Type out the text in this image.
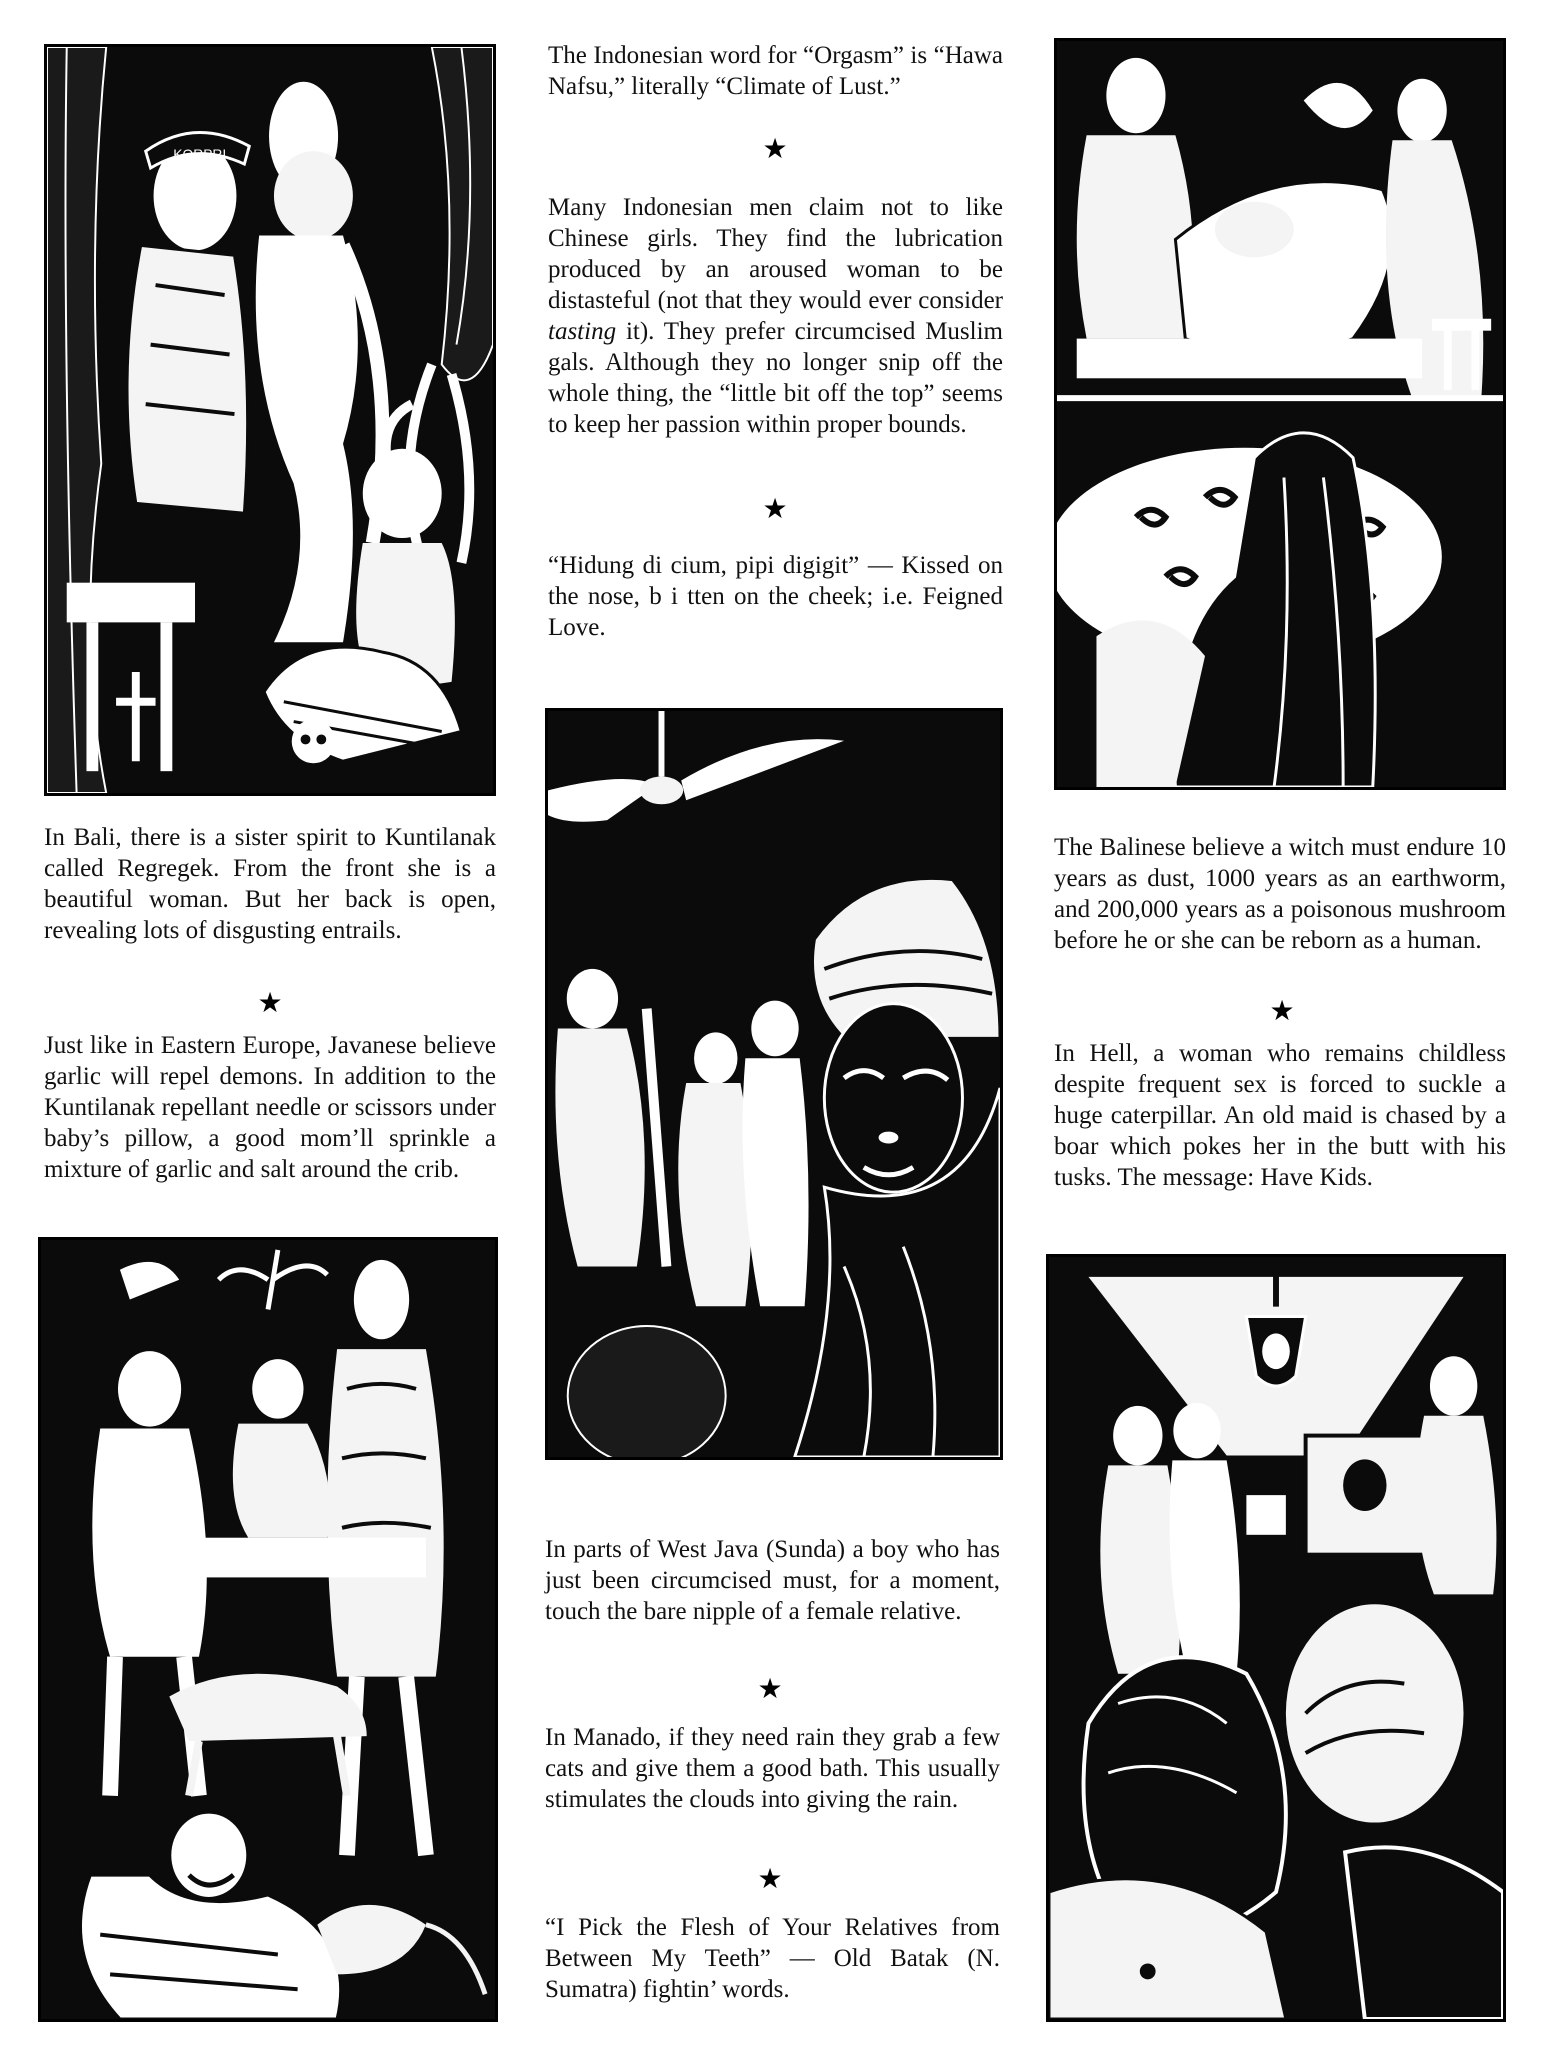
KORPRI

The Indonesian word for “Orgasm” is “Hawa Nafsu,” literally “Climate of Lust.”

★

Many Indonesian men claim not to like Chinese girls. They find the lubrication produced by an aroused woman to be distasteful (not that they would ever consider tasting it). They prefer circumcised Muslim gals. Although they no longer snip off the whole thing, the “little bit off the top” seems to keep her passion within proper bounds.

★

“Hidung di cium, pipi digigit” — Kissed on the nose, b i tten on the cheek; i.e. Feigned Love.

In Bali, there is a sister spirit to Kuntilanak called Regregek. From the front she is a beautiful woman. But her back is open, revealing lots of disgusting entrails.

★

Just like in Eastern Europe, Javanese believe garlic will repel demons. In addition to the Kuntilanak repellant needle or scissors under baby’s pillow, a good mom’ll sprinkle a mixture of garlic and salt around the crib.

The Balinese believe a witch must endure 10 years as dust, 1000 years as an earthworm, and 200,000 years as a poisonous mushroom before he or she can be reborn as a human.

★

In Hell, a woman who remains childless despite frequent sex is forced to suckle a huge caterpillar. An old maid is chased by a boar which pokes her in the butt with his tusks. The message: Have Kids.

In parts of West Java (Sunda) a boy who has just been circumcised must, for a moment, touch the bare nipple of a female relative.

★

In Manado, if they need rain they grab a few cats and give them a good bath. This usually stimulates the clouds into giving the rain.

★

“I Pick the Flesh of Your Relatives from Between My Teeth” — Old Batak (N. Sumatra) fightin’ words.
